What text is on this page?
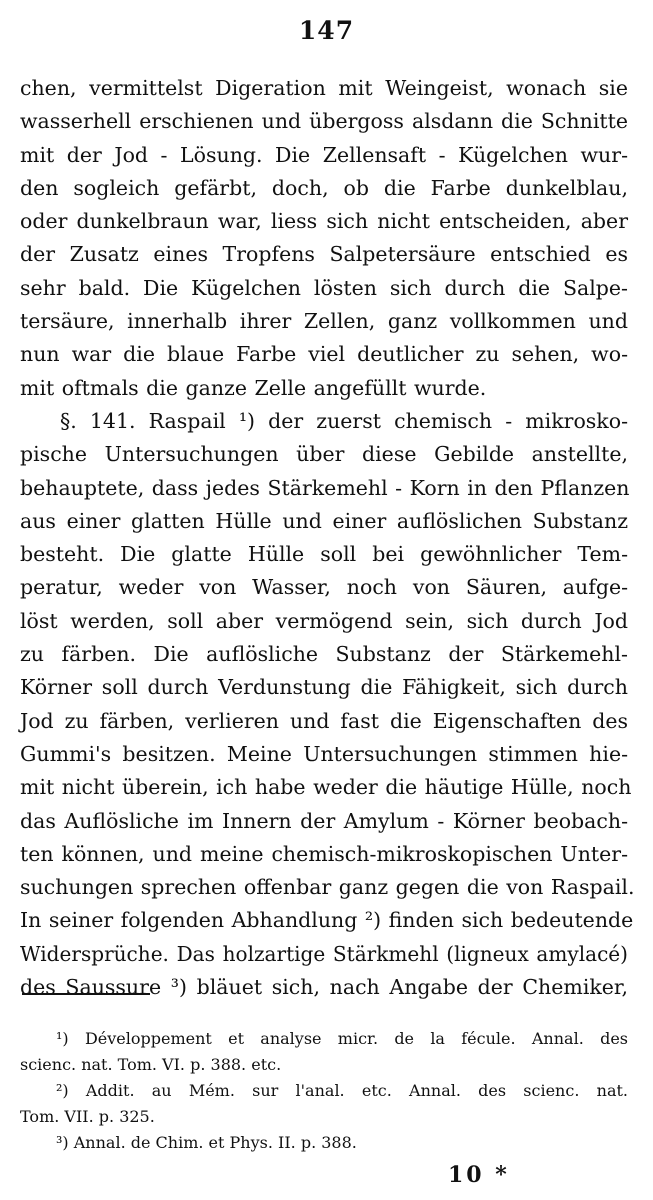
147
chen, vermittelst Digeration mit Weingeist, wonach sie
wasserhell erschienen und übergoss alsdann die Schnitte
mit der Jod - Lösung. Die Zellensaft - Kügelchen wur-
den sogleich gefärbt, doch, ob die Farbe dunkelblau,
oder dunkelbraun war, liess sich nicht entscheiden, aber
der Zusatz eines Tropfens Salpetersäure entschied es
sehr bald. Die Kügelchen lösten sich durch die Salpe-
tersäure, innerhalb ihrer Zellen, ganz vollkommen und
nun war die blaue Farbe viel deutlicher zu sehen, wo-
mit oftmals die ganze Zelle angefüllt wurde.
§. 141. Raspail ¹) der zuerst chemisch - mikrosko-
pische Untersuchungen über diese Gebilde anstellte,
behauptete, dass jedes Stärkemehl - Korn in den Pflanzen
aus einer glatten Hülle und einer auflöslichen Substanz
besteht. Die glatte Hülle soll bei gewöhnlicher Tem-
peratur, weder von Wasser, noch von Säuren, aufge-
löst werden, soll aber vermögend sein, sich durch Jod
zu färben. Die auflösliche Substanz der Stärkemehl-
Körner soll durch Verdunstung die Fähigkeit, sich durch
Jod zu färben, verlieren und fast die Eigenschaften des
Gummi's besitzen. Meine Untersuchungen stimmen hie-
mit nicht überein, ich habe weder die häutige Hülle, noch
das Auflösliche im Innern der Amylum - Körner beobach-
ten können, und meine chemisch-mikroskopischen Unter-
suchungen sprechen offenbar ganz gegen die von Raspail.
In seiner folgenden Abhandlung ²) finden sich bedeutende
Widersprüche. Das holzartige Stärkmehl (ligneux amylacé)
des Saussure ³) bläuet sich, nach Angabe der Chemiker,
¹) Développement et analyse micr. de la fécule. Annal. des
scienc. nat. Tom. VI. p. 388. etc.
²) Addit. au Mém. sur l'anal. etc. Annal. des scienc. nat.
Tom. VII. p. 325.
³) Annal. de Chim. et Phys. II. p. 388.
10 *
